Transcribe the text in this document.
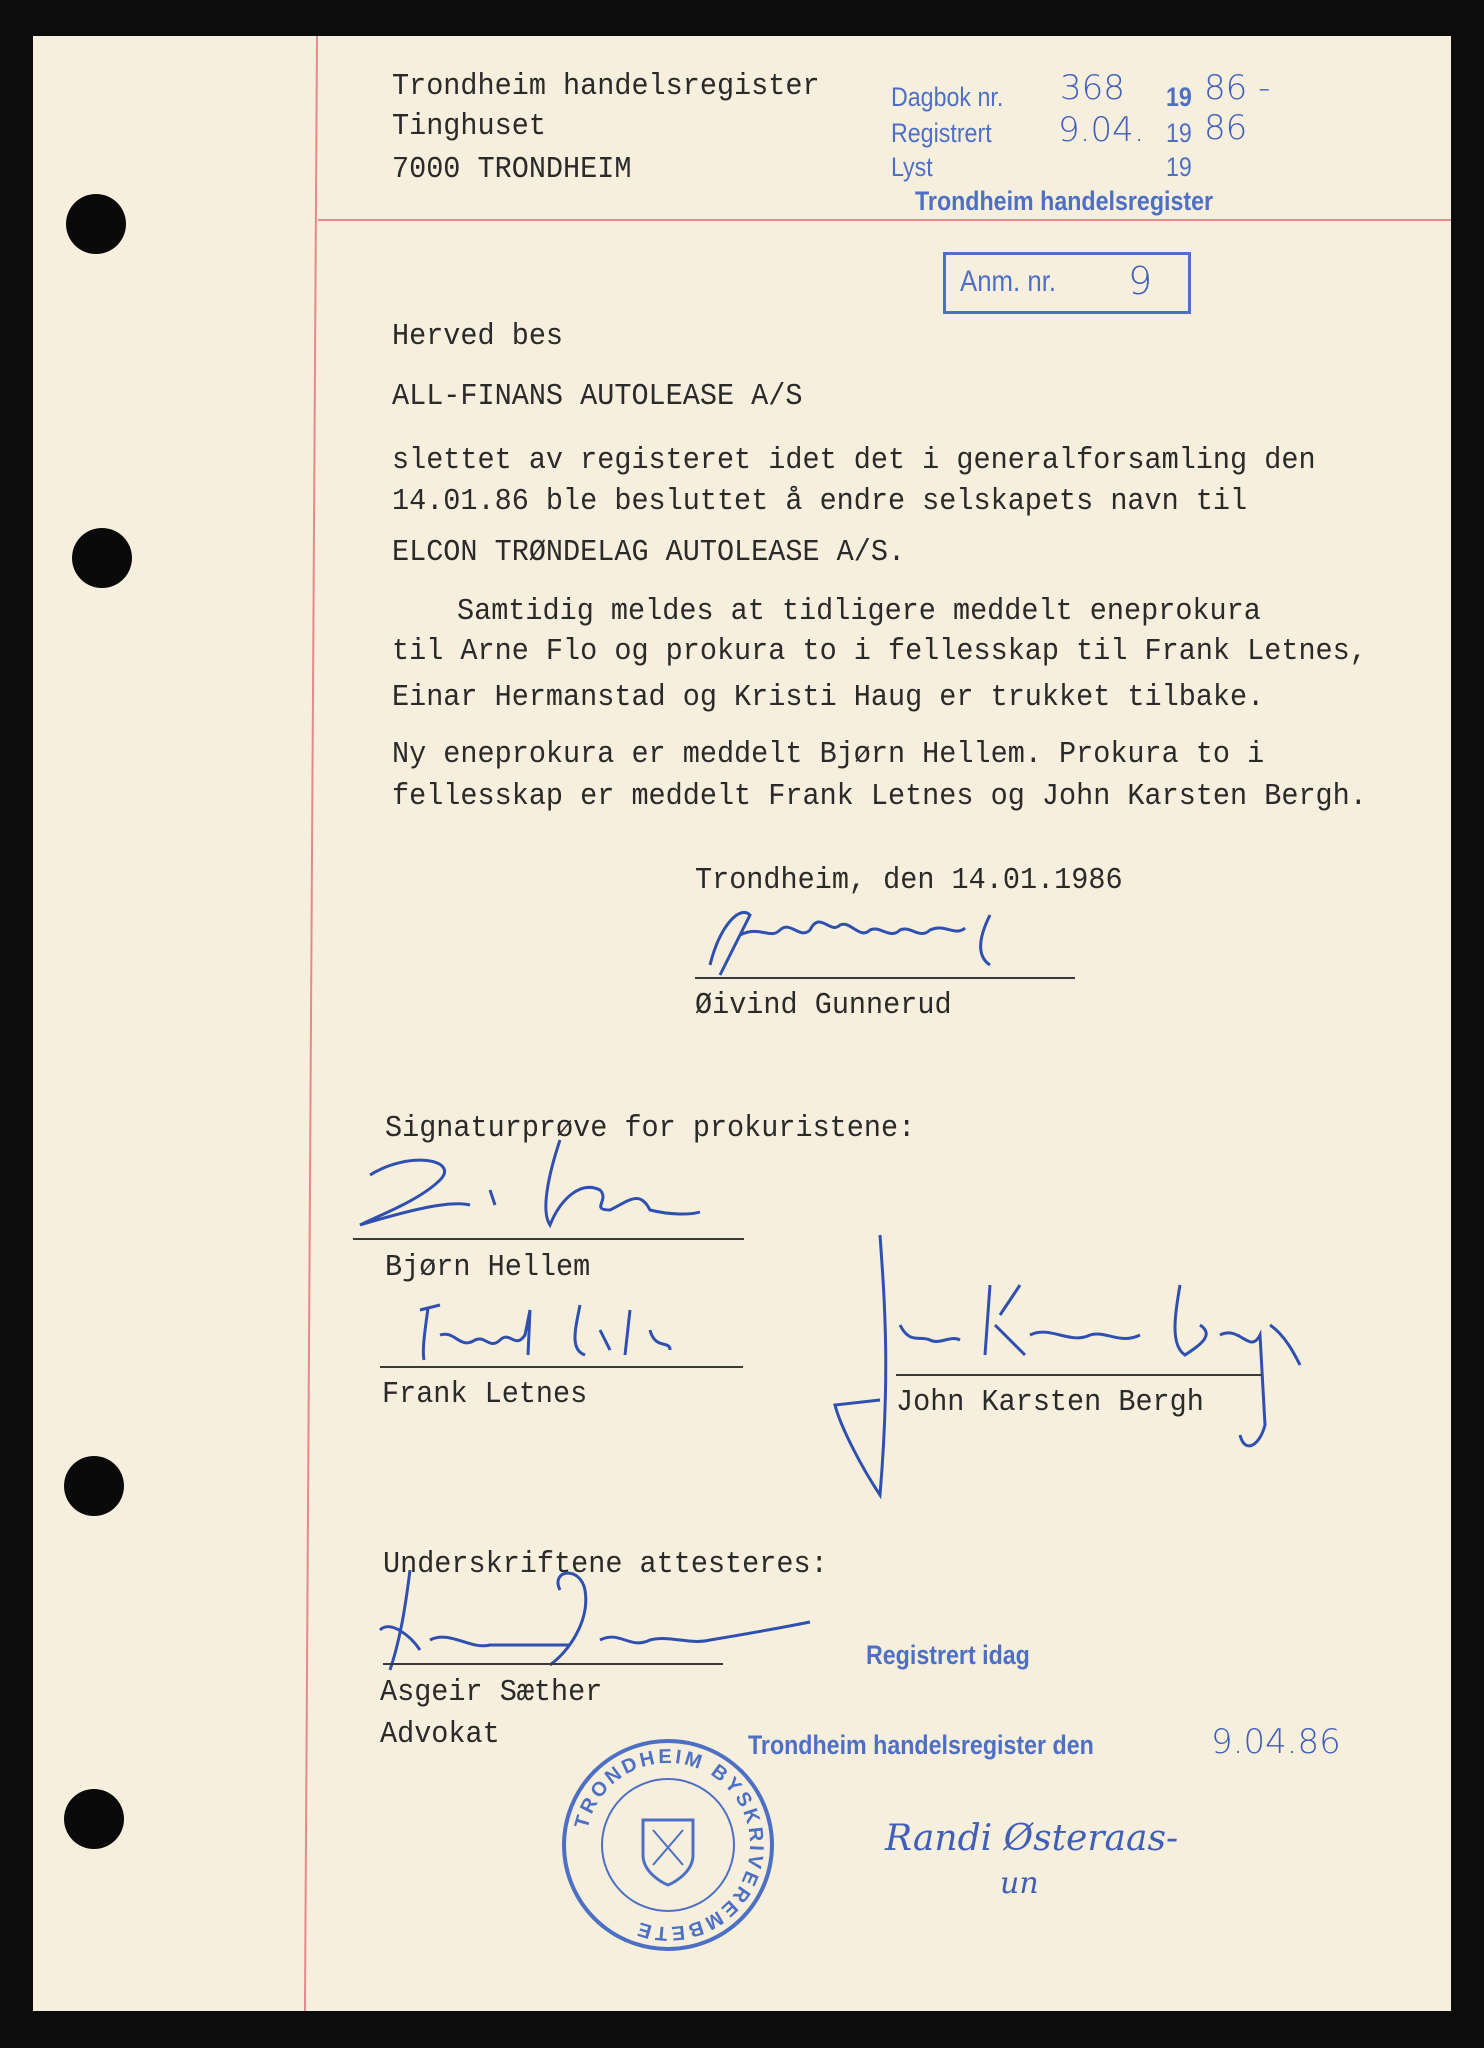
Trondheim handelsregister
Tinghuset
7000 TRONDHEIM
Dagbok nr. 368 19 86 -
Registrert 9.04. 19 86
Lyst	19
Trondheim handelsregister
Anm. nr. 9
Herved bes
ALL-FINANS AUTOLEASE A/S
slettet av registeret idet det i generalforsamling den
14.01.86 ble besluttet å endre selskapets navn til
ELCON TRØNDELAG AUTOLEASE A/S.
Samtidig meldes at tidligere meddelt eneprokura
til Arne Flo og prokura to i fellesskap til Frank Letnes,
Einar Hermanstad og Kristi Haug er trukket tilbake.
Ny eneprokura er meddelt Bjørn Hellem. Prokura to i
fellesskap er meddelt Frank Letnes og John Karsten Bergh.
Trondheim, den 14.01.1986
Øivind Gunnerud
Signaturprøve for prokuristene:
Bjørn Hellem
Frank Letnes	John Karsten Bergh
Underskriftene attesteres:
Asgeir Sæther
Advokat
Registrert idag
Trondheim handelsregister den	9.04.86
Randi Østeraas-
un
TRONDHEIM BYSKRIVEREMBETE
